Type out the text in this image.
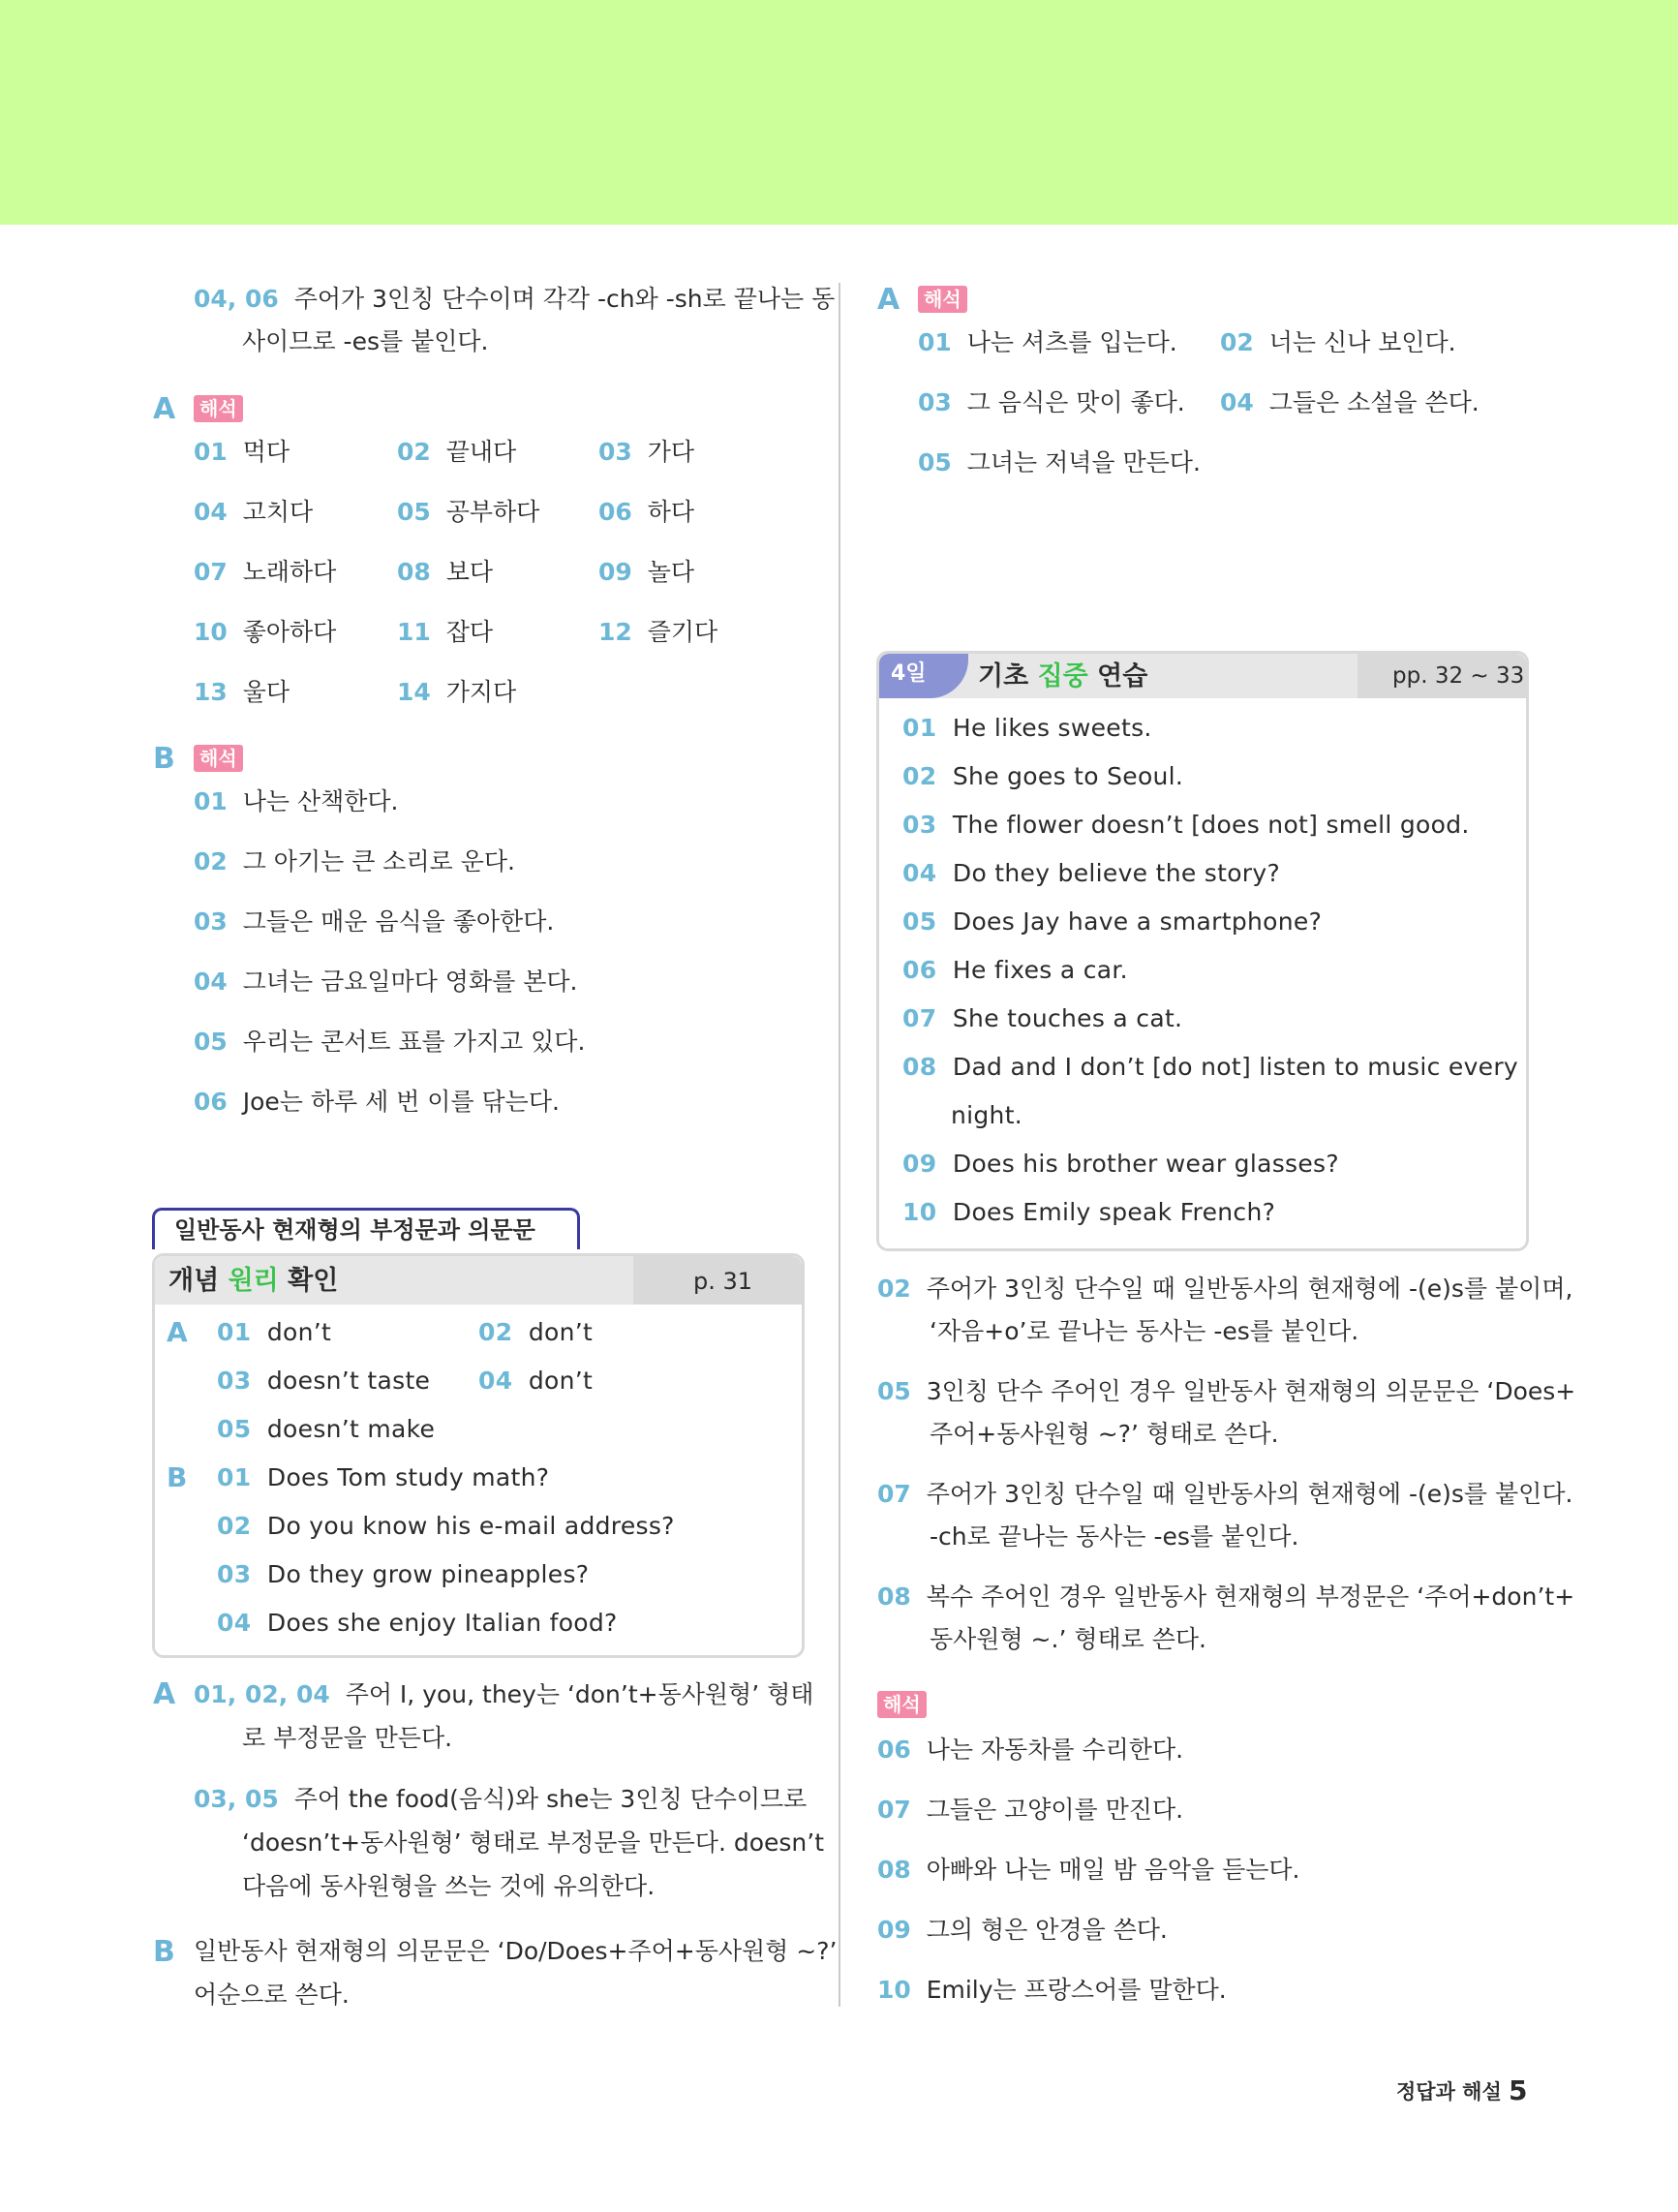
04, 06 주어가 3인칭 단수이며 각각 -ch와 -sh로 끝나는 동
사이므로 -es를 붙인다.
A	해석
01 먹다	02 끝내다	03 가다
04 고치다	05 공부하다 06 하다
07 노래하다	08 보다	09 놀다
10 좋아하다	11 잡다	12 즐기다
13 울다	14 가지다
B	해석
01 나는 산책한다.
02 그 아기는 큰 소리로 운다.
03 그들은 매운 음식을 좋아한다.
04 그녀는 금요일마다 영화를 본다.
05 우리는 콘서트 표를 가지고 있다.
06 Joe는 하루 세 번 이를 닦는다.
일반동사 현재형의 부정문과 의문문
개념 원리 확인	p. 31
A 01 don’t	02 don’t
03 doesn’t taste 04 don’t
05 doesn’t make
B 01 Does Tom study math?
02 Do you know his e-mail address?
03 Do they grow pineapples?
04 Does she enjoy Italian food?
A 01, 02, 04 주어 I, you, they는 ‘don’t+동사원형’ 형태
로 부정문을 만든다.
03, 05 주어 the food(음식)와 she는 3인칭 단수이므로
‘doesn’t+동사원형’ 형태로 부정문을 만든다. doesn’t
다음에 동사원형을 쓰는 것에 유의한다.
B 일반동사 현재형의 의문문은 ‘Do/Does+주어+동사원형 ~?’
어순으로 쓴다.
A	해석
01 나는 셔츠를 입는다. 02 너는 신나 보인다.
03 그 음식은 맛이 좋다. 04 그들은 소설을 쓴다.
05 그녀는 저녁을 만든다.
4일 기초 집중 연습	pp. 32 ~ 33
01 He likes sweets.
02 She goes to Seoul.
03 The flower doesn’t [does not] smell good.
04 Do they believe the story?
05 Does Jay have a smartphone?
06 He fixes a car.
07 She touches a cat.
08 Dad and I don’t [do not] listen to music every
night.
09 Does his brother wear glasses?
10 Does Emily speak French?
02 주어가 3인칭 단수일 때 일반동사의 현재형에 -(e)s를 붙이며,
‘자음+o’로 끝나는 동사는 -es를 붙인다.
05 3인칭 단수 주어인 경우 일반동사 현재형의 의문문은 ‘Does+
주어+동사원형 ~?’ 형태로 쓴다.
07 주어가 3인칭 단수일 때 일반동사의 현재형에 -(e)s를 붙인다.
-ch로 끝나는 동사는 -es를 붙인다.
08 복수 주어인 경우 일반동사 현재형의 부정문은 ‘주어+don’t+
동사원형 ~.’ 형태로 쓴다.
해석
06 나는 자동차를 수리한다.
07 그들은 고양이를 만진다.
08 아빠와 나는 매일 밤 음악을 듣는다.
09 그의 형은 안경을 쓴다.
10 Emily는 프랑스어를 말한다.
정답과 해설 5
